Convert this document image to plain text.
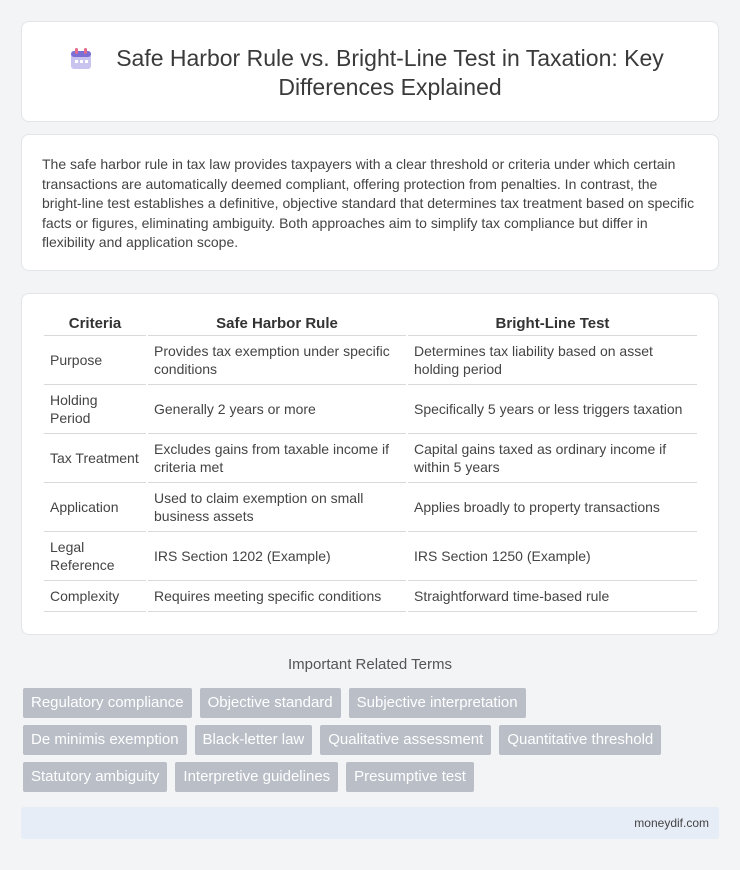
Safe Harbor Rule vs. Bright-Line Test in Taxation: Key Differences Explained

The safe harbor rule in tax law provides taxpayers with a clear threshold or criteria under which certain transactions are automatically deemed compliant, offering protection from penalties. In contrast, the bright-line test establishes a definitive, objective standard that determines tax treatment based on specific facts or figures, eliminating ambiguity. Both approaches aim to simplify tax compliance but differ in flexibility and application scope.

Criteria	Safe Harbor Rule	Bright-Line Test
Purpose	Provides tax exemption under specific conditions	Determines tax liability based on asset holding period
Holding Period	Generally 2 years or more	Specifically 5 years or less triggers taxation
Tax Treatment	Excludes gains from taxable income if criteria met	Capital gains taxed as ordinary income if within 5 years
Application	Used to claim exemption on small business assets	Applies broadly to property transactions
Legal Reference	IRS Section 1202 (Example)	IRS Section 1250 (Example)
Complexity	Requires meeting specific conditions	Straightforward time-based rule
Important Related Terms
Regulatory compliance	Objective standard	Subjective interpretation
De minimis exemption	Black-letter law	Qualitative assessment	Quantitative threshold
Statutory ambiguity	Interpretive guidelines	Presumptive test
moneydif.com
